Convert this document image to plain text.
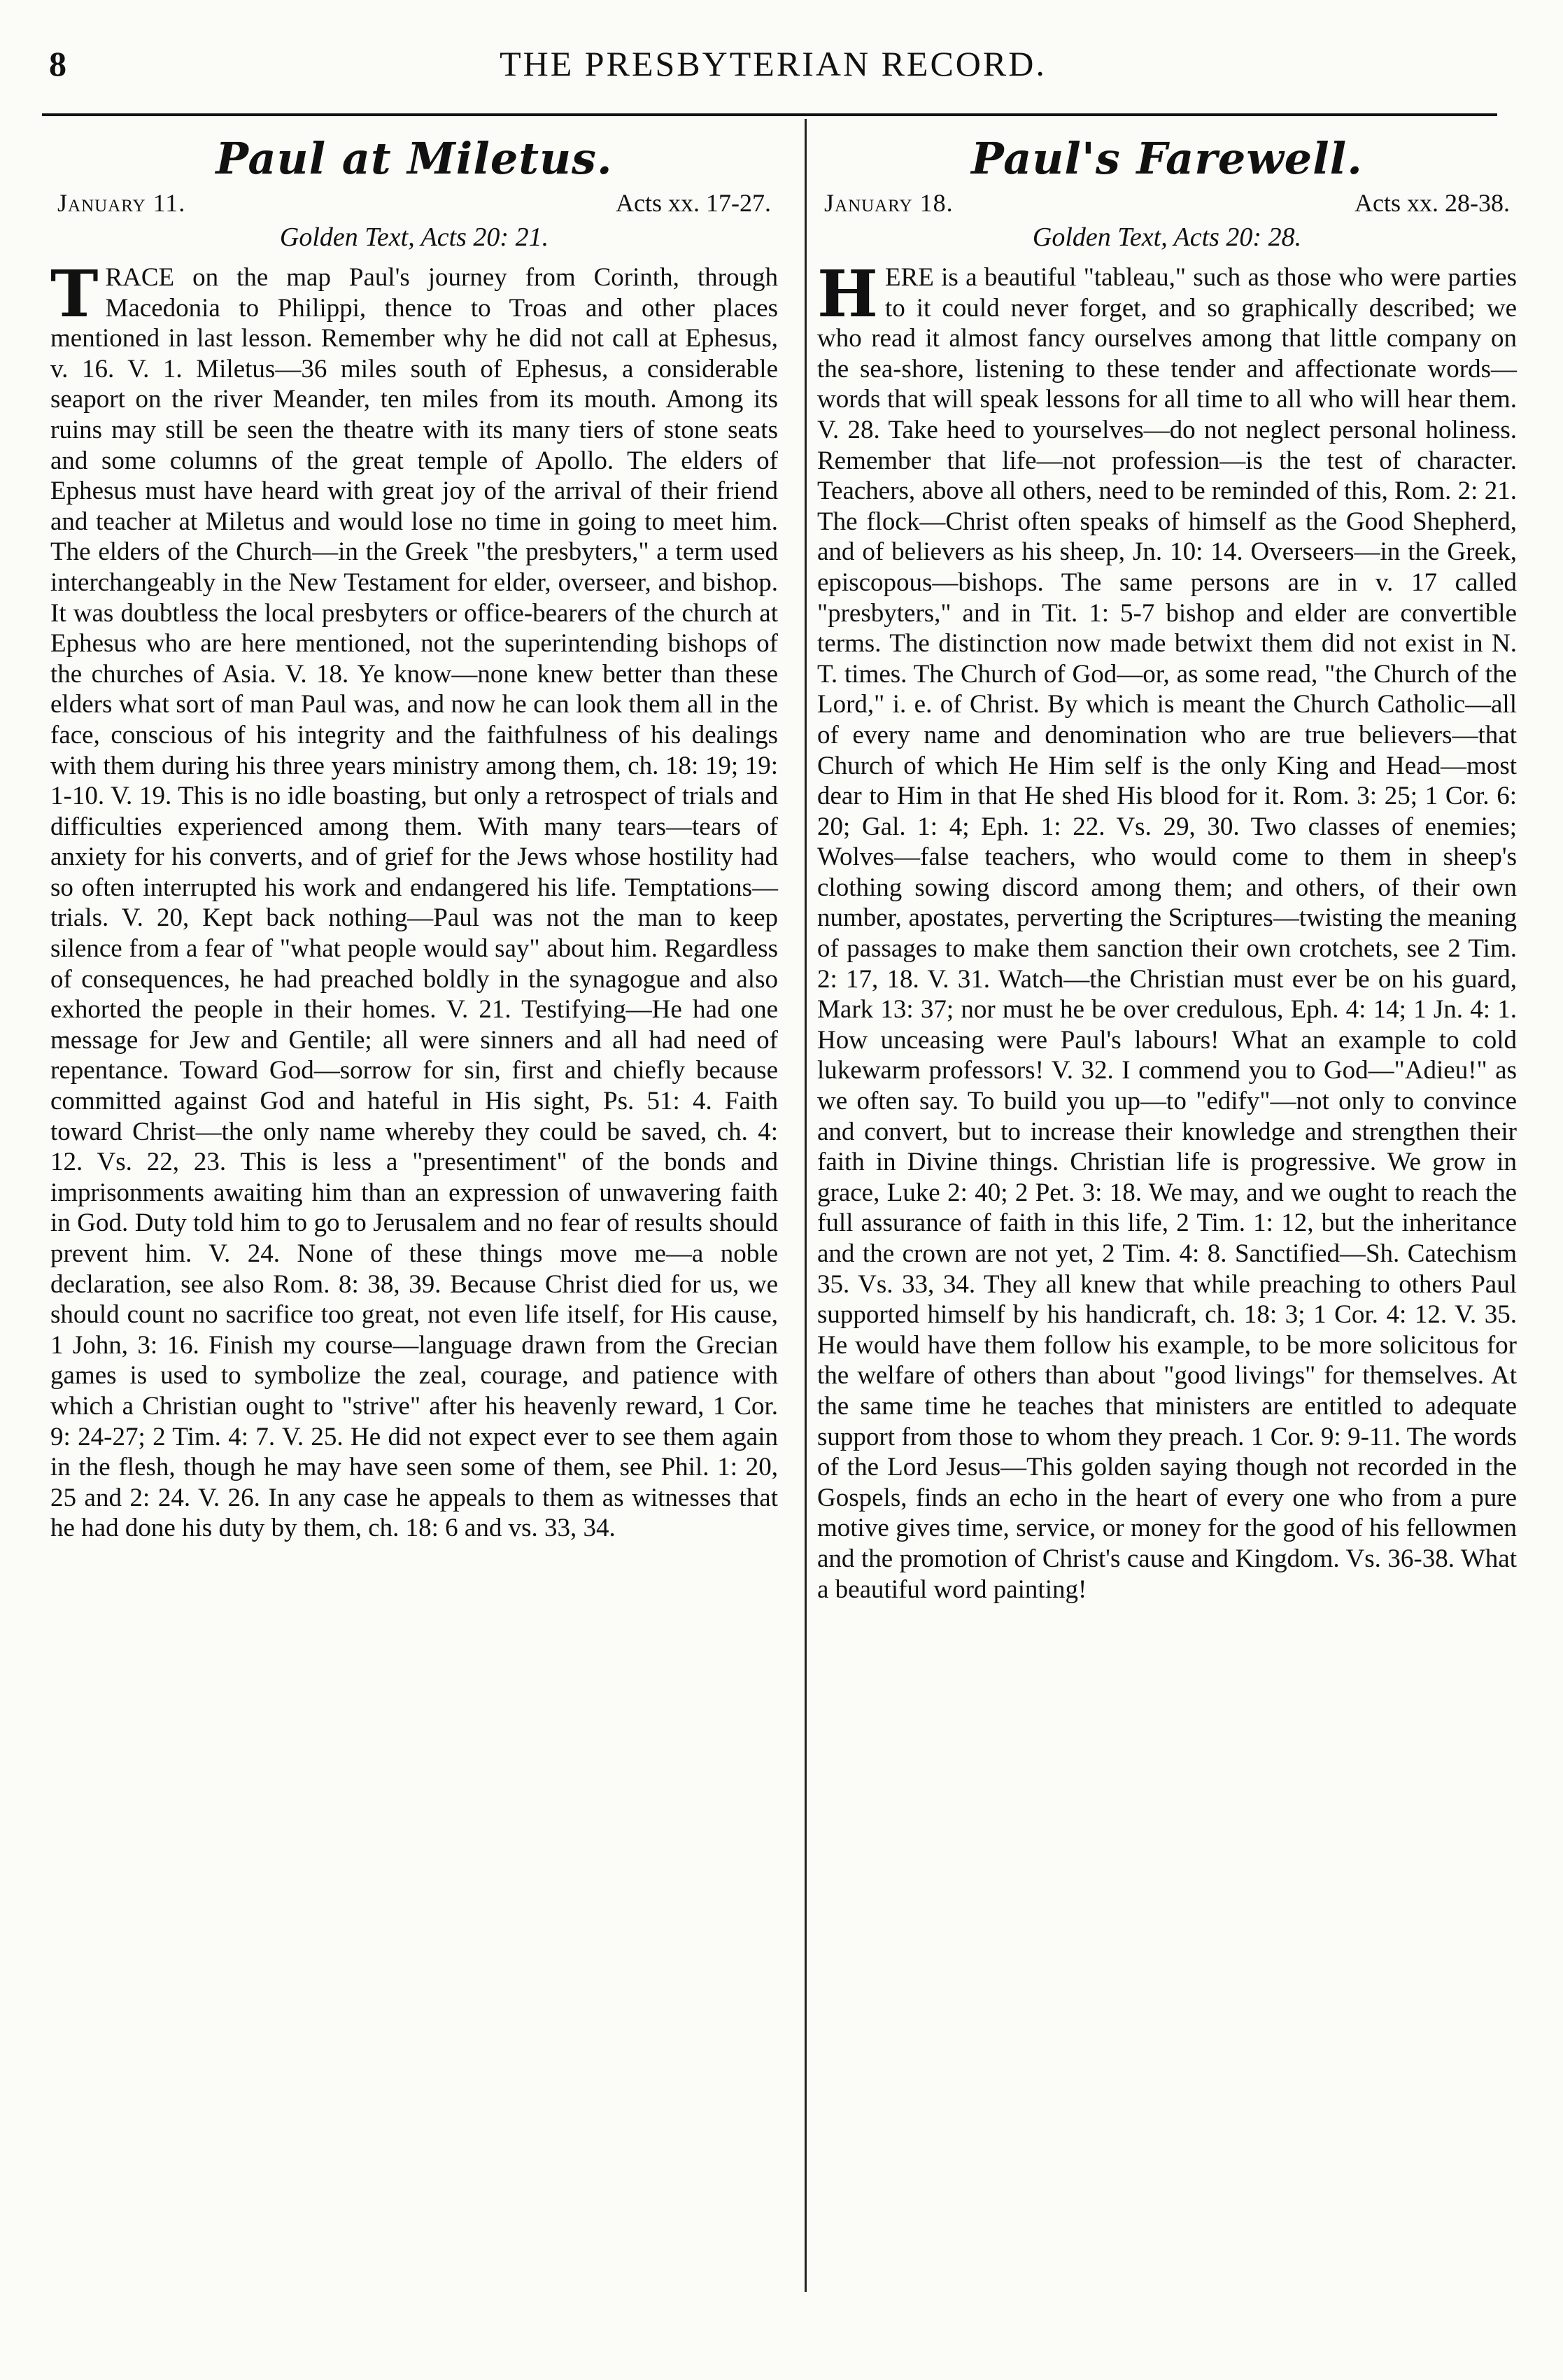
8	THE PRESBYTERIAN RECORD.
Paul at Miletus.
January 11.	Acts xx. 17-27.
Golden Text, Acts 20: 21.
T RACE on the map Paul's journey from Corinth, through Macedonia to Philippi, thence to Troas and other places mentioned in last lesson. Remember why he did not call at Ephesus, v. 16. V. 1. Miletus—36 miles south of Ephesus, a considerable seaport on the river Meander, ten miles from its mouth. Among its ruins may still be seen the theatre with its many tiers of stone seats and some columns of the great temple of Apollo. The elders of Ephesus must have heard with great joy of the arrival of their friend and teacher at Miletus and would lose no time in going to meet him. The elders of the Church—in the Greek "the presbyters," a term used interchangeably in the New Testament for elder, overseer, and bishop. It was doubtless the local presbyters or office-bearers of the church at Ephesus who are here mentioned, not the superintending bishops of the churches of Asia. V. 18. Ye know—none knew better than these elders what sort of man Paul was, and now he can look them all in the face, conscious of his integrity and the faithfulness of his dealings with them during his three years ministry among them, ch. 18: 19; 19: 1-10. V. 19. This is no idle boasting, but only a retrospect of trials and difficulties experienced among them. With many tears—tears of anxiety for his converts, and of grief for the Jews whose hostility had so often interrupted his work and endangered his life. Temptations—trials. V. 20, Kept back nothing—Paul was not the man to keep silence from a fear of "what people would say" about him. Regardless of consequences, he had preached boldly in the synagogue and also exhorted the people in their homes. V. 21. Testifying—He had one message for Jew and Gentile; all were sinners and all had need of repentance. Toward God—sorrow for sin, first and chiefly because committed against God and hateful in His sight, Ps. 51: 4. Faith toward Christ—the only name whereby they could be saved, ch. 4: 12. Vs. 22, 23. This is less a "presentiment" of the bonds and imprisonments awaiting him than an expression of unwavering faith in God. Duty told him to go to Jerusalem and no fear of results should prevent him. V. 24. None of these things move me—a noble declaration, see also Rom. 8: 38, 39. Because Christ died for us, we should count no sacrifice too great, not even life itself, for His cause, 1 John, 3: 16. Finish my course—language drawn from the Grecian games is used to symbolize the zeal, courage, and patience with which a Christian ought to "strive" after his heavenly reward, 1 Cor. 9: 24-27; 2 Tim. 4: 7. V. 25. He did not expect ever to see them again in the flesh, though he may have seen some of them, see Phil. 1: 20, 25 and 2: 24. V. 26. In any case he appeals to them as witnesses that he had done his duty by them, ch. 18: 6 and vs. 33, 34.

Paul's Farewell.
January 18.	Acts xx. 28-38.
Golden Text, Acts 20: 28.
H ERE is a beautiful "tableau," such as those who were parties to it could never forget, and so graphically described; we who read it almost fancy ourselves among that little company on the sea-shore, listening to these tender and affectionate words—words that will speak lessons for all time to all who will hear them. V. 28. Take heed to yourselves—do not neglect personal holiness. Remember that life—not profession—is the test of character. Teachers, above all others, need to be reminded of this, Rom. 2: 21. The flock—Christ often speaks of himself as the Good Shepherd, and of believers as his sheep, Jn. 10: 14. Overseers—in the Greek, episcopous—bishops. The same persons are in v. 17 called "presbyters," and in Tit. 1: 5-7 bishop and elder are convertible terms. The distinction now made betwixt them did not exist in N. T. times. The Church of God—or, as some read, "the Church of the Lord," i. e. of Christ. By which is meant the Church Catholic—all of every name and denomination who are true believers—that Church of which He Him self is the only King and Head—most dear to Him in that He shed His blood for it. Rom. 3: 25; 1 Cor. 6: 20; Gal. 1: 4; Eph. 1: 22. Vs. 29, 30. Two classes of enemies; Wolves—false teachers, who would come to them in sheep's clothing sowing discord among them; and others, of their own number, apostates, perverting the Scriptures—twisting the meaning of passages to make them sanction their own crotchets, see 2 Tim. 2: 17, 18. V. 31. Watch—the Christian must ever be on his guard, Mark 13: 37; nor must he be over credulous, Eph. 4: 14; 1 Jn. 4: 1. How unceasing were Paul's labours! What an example to cold lukewarm professors! V. 32. I commend you to God—"Adieu!" as we often say. To build you up—to "edify"—not only to convince and convert, but to increase their knowledge and strengthen their faith in Divine things. Christian life is progressive. We grow in grace, Luke 2: 40; 2 Pet. 3: 18. We may, and we ought to reach the full assurance of faith in this life, 2 Tim. 1: 12, but the inheritance and the crown are not yet, 2 Tim. 4: 8. Sanctified—Sh. Catechism 35. Vs. 33, 34. They all knew that while preaching to others Paul supported himself by his handicraft, ch. 18: 3; 1 Cor. 4: 12. V. 35. He would have them follow his example, to be more solicitous for the welfare of others than about "good livings" for themselves. At the same time he teaches that ministers are entitled to adequate support from those to whom they preach. 1 Cor. 9: 9-11. The words of the Lord Jesus—This golden saying though not recorded in the Gospels, finds an echo in the heart of every one who from a pure motive gives time, service, or money for the good of his fellowmen and the promotion of Christ's cause and Kingdom. Vs. 36-38. What a beautiful word painting!
